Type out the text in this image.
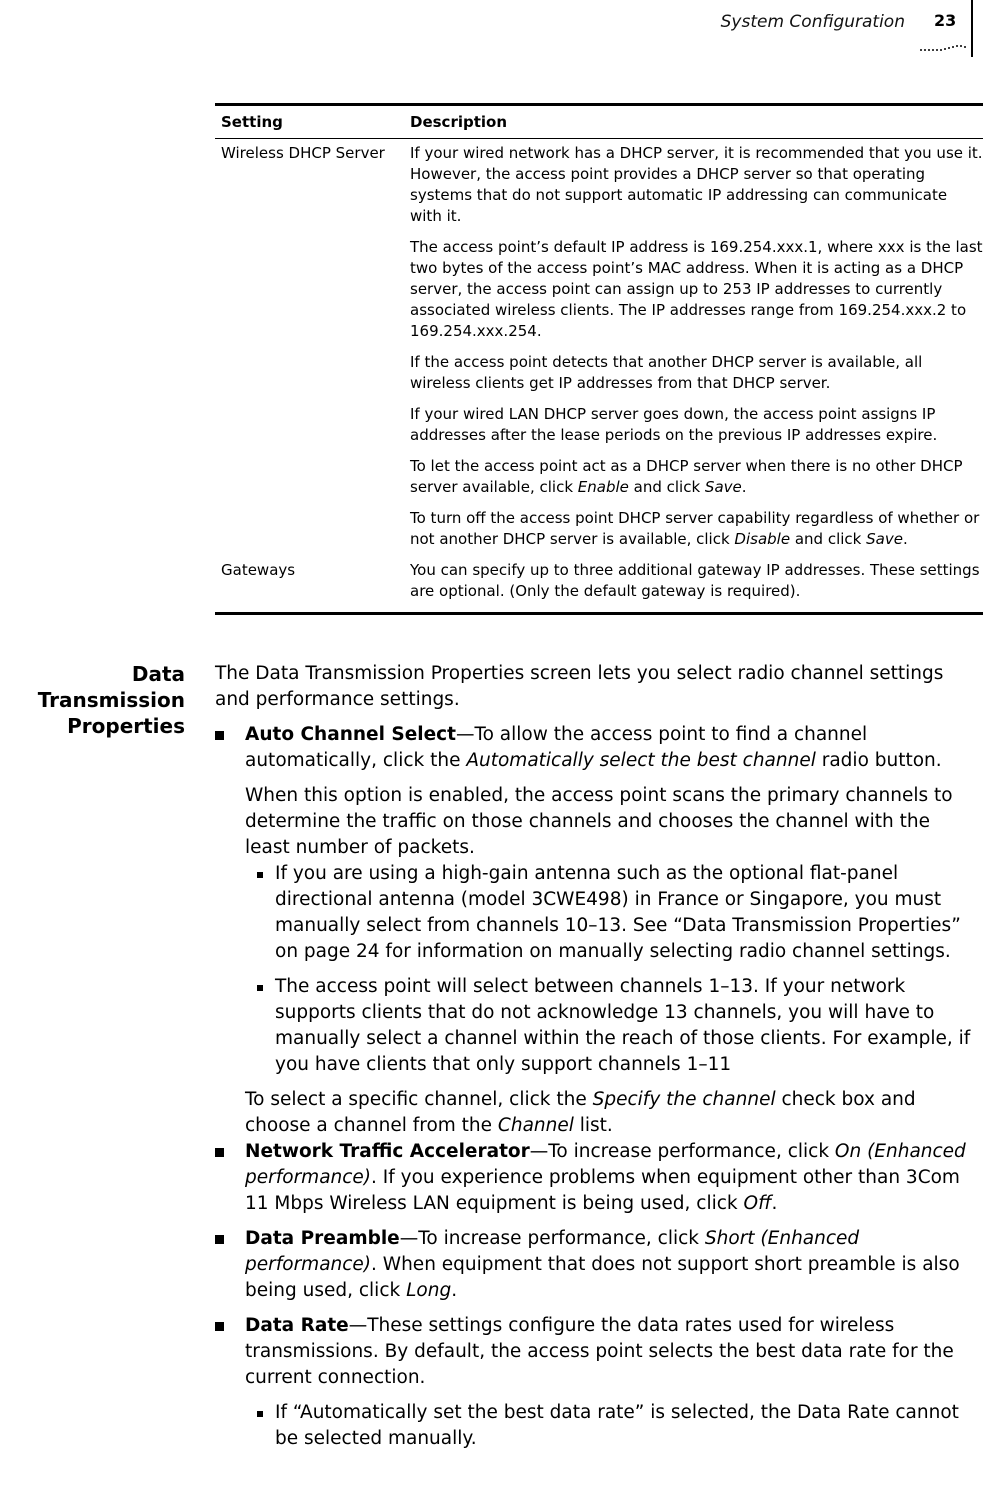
System Configuration 23
Setting	Description
Wireless DHCP Server	If your wired network has a DHCP server, it is recommended that you use it. However, the access point provides a DHCP server so that operating systems that do not support automatic IP addressing can communicate with it.

The access point’s default IP address is 169.254.xxx.1, where xxx is the last two bytes of the access point’s MAC address. When it is acting as a DHCP server, the access point can assign up to 253 IP addresses to currently associated wireless clients. The IP addresses range from 169.254.xxx.2 to 169.254.xxx.254.

If the access point detects that another DHCP server is available, all wireless clients get IP addresses from that DHCP server.

If your wired LAN DHCP server goes down, the access point assigns IP addresses after the lease periods on the previous IP addresses expire.

To let the access point act as a DHCP server when there is no other DHCP server available, click Enable and click Save.

To turn off the access point DHCP server capability regardless of whether or not another DHCP server is available, click Disable and click Save.

Gateways	You can specify up to three additional gateway IP addresses. These settings are optional. (Only the default gateway is required).

Data Transmission
Properties

The Data Transmission Properties screen lets you select radio channel settings and performance settings.

Auto Channel Select—To allow the access point to find a channel automatically, click the Automatically select the best channel radio button.

When this option is enabled, the access point scans the primary channels to determine the traffic on those channels and chooses the channel with the least number of packets.

If you are using a high-gain antenna such as the optional flat-panel directional antenna (model 3CWE498) in France or Singapore, you must manually select from channels 10–13. See “Data Transmission Properties” on page 24 for information on manually selecting radio channel settings.
The access point will select between channels 1–13. If your network supports clients that do not acknowledge 13 channels, you will have to manually select a channel within the reach of those clients. For example, if you have clients that only support channels 1–11

To select a specific channel, click the Specify the channel check box and choose a channel from the Channel list.

Network Traffic Accelerator—To increase performance, click On (Enhanced performance). If you experience problems when equipment other than 3Com 11 Mbps Wireless LAN equipment is being used, click Off.
Data Preamble—To increase performance, click Short (Enhanced performance). When equipment that does not support short preamble is also being used, click Long.
Data Rate—These settings configure the data rates used for wireless transmissions. By default, the access point selects the best data rate for the current connection.
If “Automatically set the best data rate” is selected, the Data Rate cannot be selected manually.
